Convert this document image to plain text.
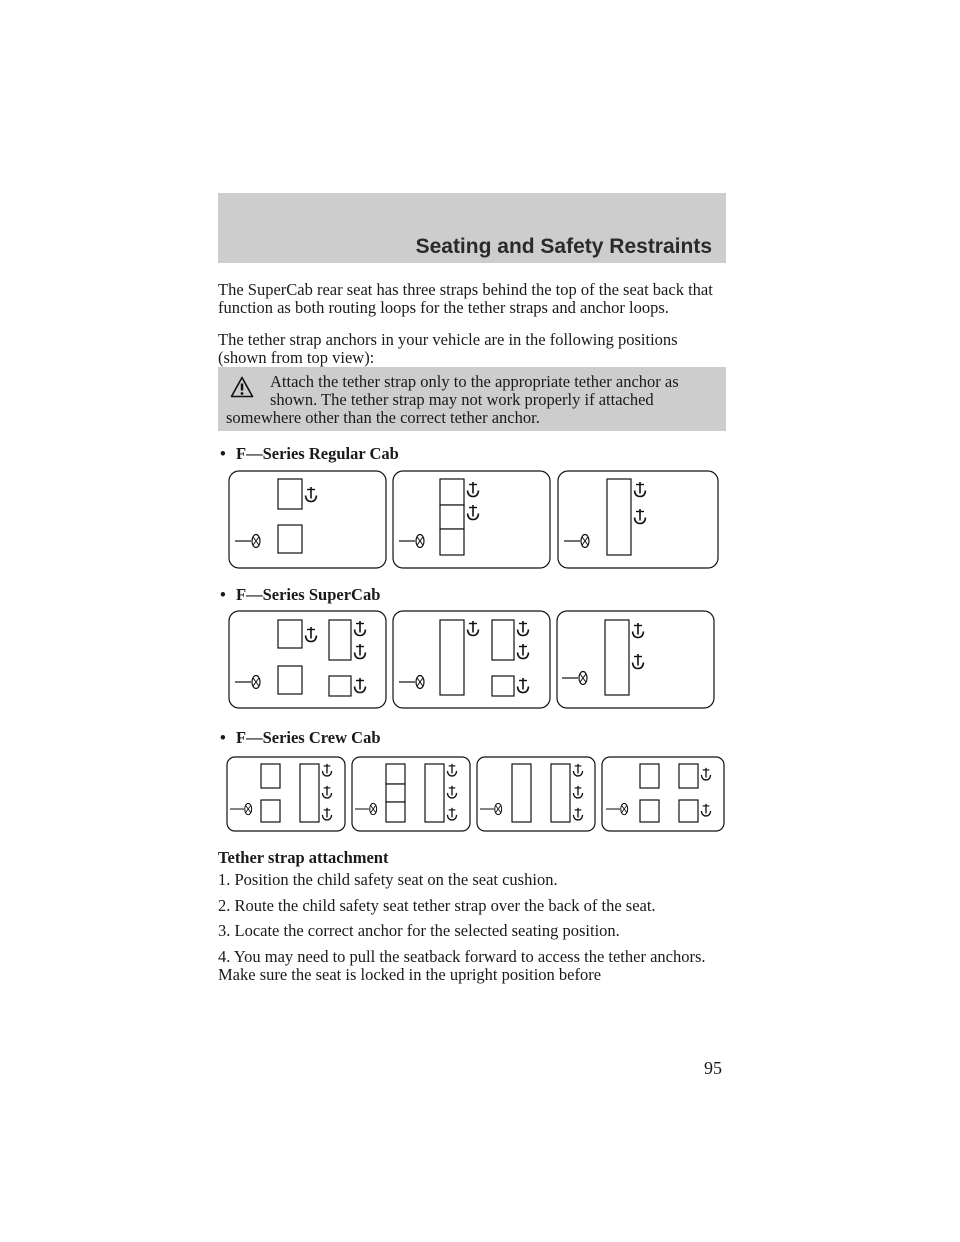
Seating and Safety Restraints

The SuperCab rear seat has three straps behind the top of the seat back that function as both routing loops for the tether straps and anchor loops.

The tether strap anchors in your vehicle are in the following positions (shown from top view):

Attach the tether strap only to the appropriate tether anchor as
shown. The tether strap may not work properly if attached
somewhere other than the correct tether anchor.
• F—Series Regular Cab
• F—Series SuperCab
• F—Series Crew Cab

Tether strap attachment

1. Position the child safety seat on the seat cushion.

2. Route the child safety seat tether strap over the back of the seat.

3. Locate the correct anchor for the selected seating position.

4. You may need to pull the seatback forward to access the tether anchors. Make sure the seat is locked in the upright position before

95
